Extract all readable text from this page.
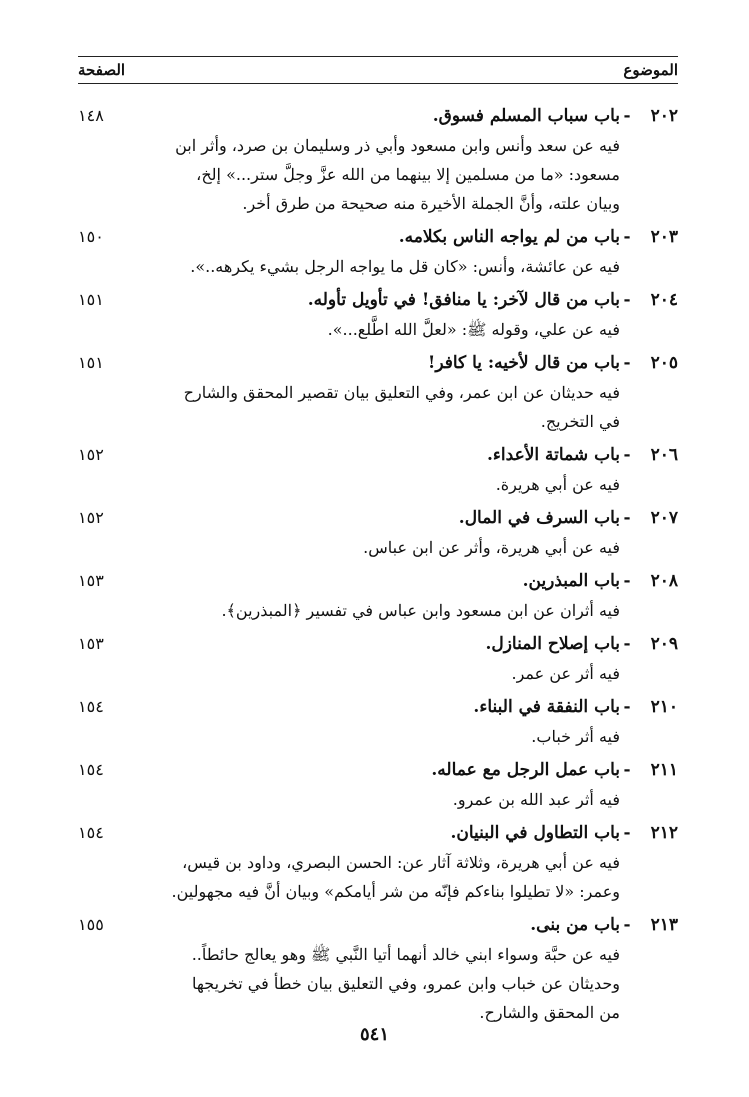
الموضوع
الصفحة
٢٠٢
-
باب سباب المسلم فسوق.
١٤٨
فيه عن سعد وأنس وابن مسعود وأبي ذر وسليمان بن صرد، وأثر ابن
مسعود: «ما من مسلمين إلا بينهما من الله عزَّ وجلَّ ستر...» إلخ،
وبيان علته، وأنَّ الجملة الأخيرة منه صحيحة من طرق أخر.
٢٠٣
-
باب من لم يواجه الناس بكلامه.
١٥٠
فيه عن عائشة، وأنس: «كان قل ما يواجه الرجل بشيء يكرهه..».
٢٠٤
-
باب من قال لآخر: يا منافق! في تأويل تأوله.
١٥١
فيه عن علي، وقوله ﷺ: «لعلَّ الله اطَّلع...».
٢٠٥
-
باب من قال لأخيه: يا كافر!
١٥١
فيه حديثان عن ابن عمر، وفي التعليق بيان تقصير المحقق والشارح
في التخريج.
٢٠٦
-
باب شماتة الأعداء.
١٥٢
فيه عن أبي هريرة.
٢٠٧
-
باب السرف في المال.
١٥٢
فيه عن أبي هريرة، وأثر عن ابن عباس.
٢٠٨
-
باب المبذرين.
١٥٣
فيه أثران عن ابن مسعود وابن عباس في تفسير ﴿المبذرين﴾.
٢٠٩
-
باب إصلاح المنازل.
١٥٣
فيه أثر عن عمر.
٢١٠
-
باب النفقة في البناء.
١٥٤
فيه أثر خباب.
٢١١
-
باب عمل الرجل مع عماله.
١٥٤
فيه أثر عبد الله بن عمرو.
٢١٢
-
باب التطاول في البنيان.
١٥٤
فيه عن أبي هريرة، وثلاثة آثار عن: الحسن البصري، وداود بن قيس،
وعمر: «لا تطيلوا بناءكم فإنّه من شر أيامكم» وبيان أنَّ فيه مجهولين.
٢١٣
-
باب من بنى.
١٥٥
فيه عن حبَّة وسواء ابني خالد أنهما أتيا النَّبي ﷺ وهو يعالج حائطاً..
وحديثان عن خباب وابن عمرو، وفي التعليق بيان خطأ في تخريجها
من المحقق والشارح.
٥٤١
